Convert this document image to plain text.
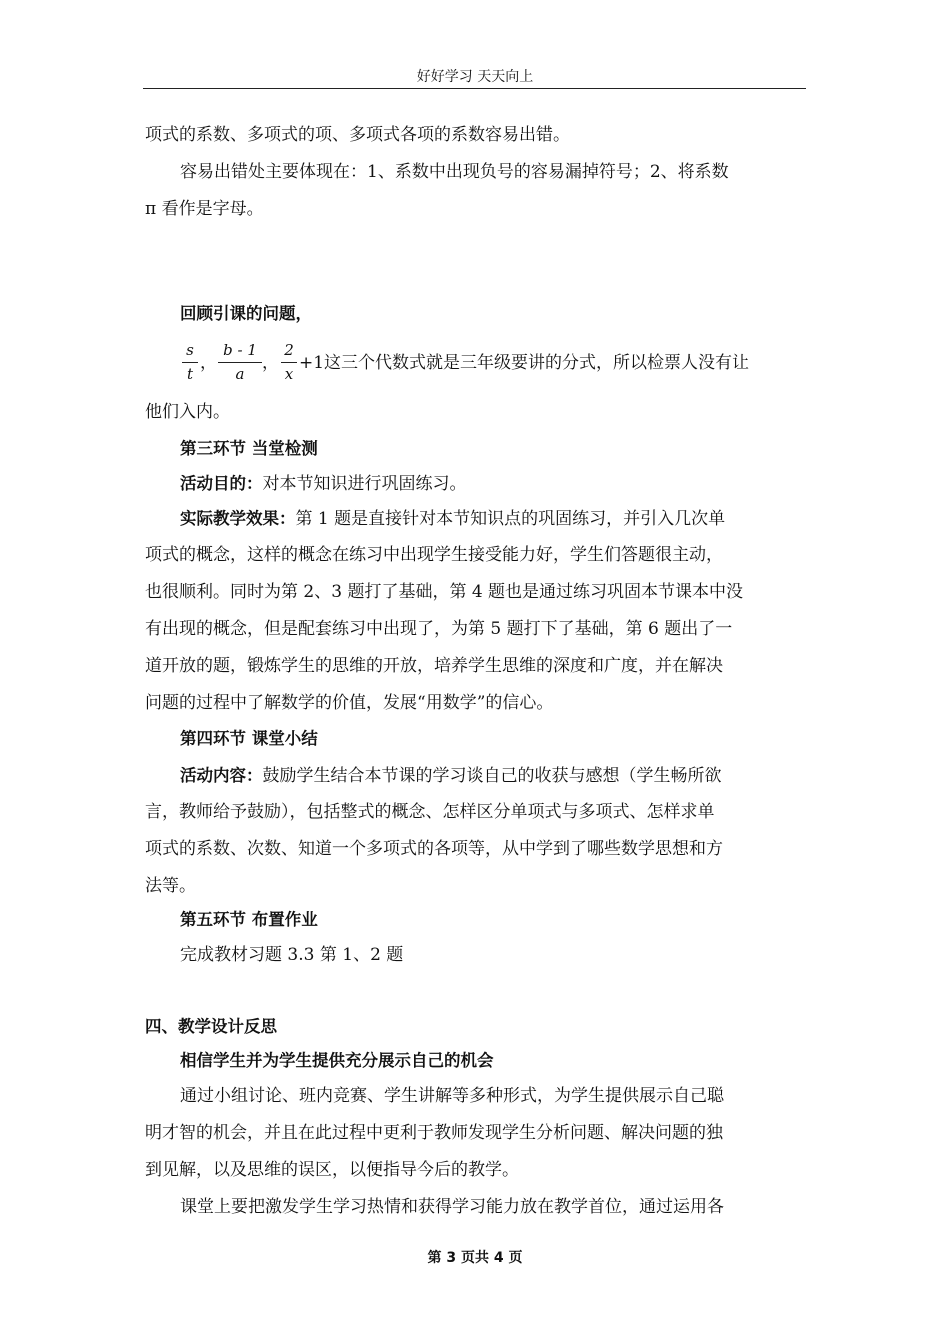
好好学习 天天向上
项式的系数、多项式的项、多项式各项的系数容易出错。
容易出错处主要体现在：1、系数中出现负号的容易漏掉符号；2、将系数
π 看作是字母。
回顾引课的问题，
s
t
，
b - 1
a
，
2
x
+1这三个代数式就是三年级要讲的分式，所以检票人没有让
他们入内。
第三环节 当堂检测
活动目的：对本节知识进行巩固练习。
实际教学效果：第 1 题是直接针对本节知识点的巩固练习，并引入几次单
项式的概念，这样的概念在练习中出现学生接受能力好，学生们答题很主动，
也很顺利。同时为第 2、3 题打了基础，第 4 题也是通过练习巩固本节课本中没
有出现的概念，但是配套练习中出现了，为第 5 题打下了基础，第 6 题出了一
道开放的题，锻炼学生的思维的开放，培养学生思维的深度和广度，并在解决
问题的过程中了解数学的价值，发展“用数学”的信心。
第四环节 课堂小结
活动内容：鼓励学生结合本节课的学习谈自己的收获与感想（学生畅所欲
言，教师给予鼓励），包括整式的概念、怎样区分单项式与多项式、怎样求单
项式的系数、次数、知道一个多项式的各项等，从中学到了哪些数学思想和方
法等。
第五环节 布置作业
完成教材习题 3.3 第 1、2 题
四、教学设计反思
相信学生并为学生提供充分展示自己的机会
通过小组讨论、班内竞赛、学生讲解等多种形式，为学生提供展示自己聪
明才智的机会，并且在此过程中更利于教师发现学生分析问题、解决问题的独
到见解，以及思维的误区，以便指导今后的教学。
课堂上要把激发学生学习热情和获得学习能力放在教学首位，通过运用各
第 3 页共 4 页
